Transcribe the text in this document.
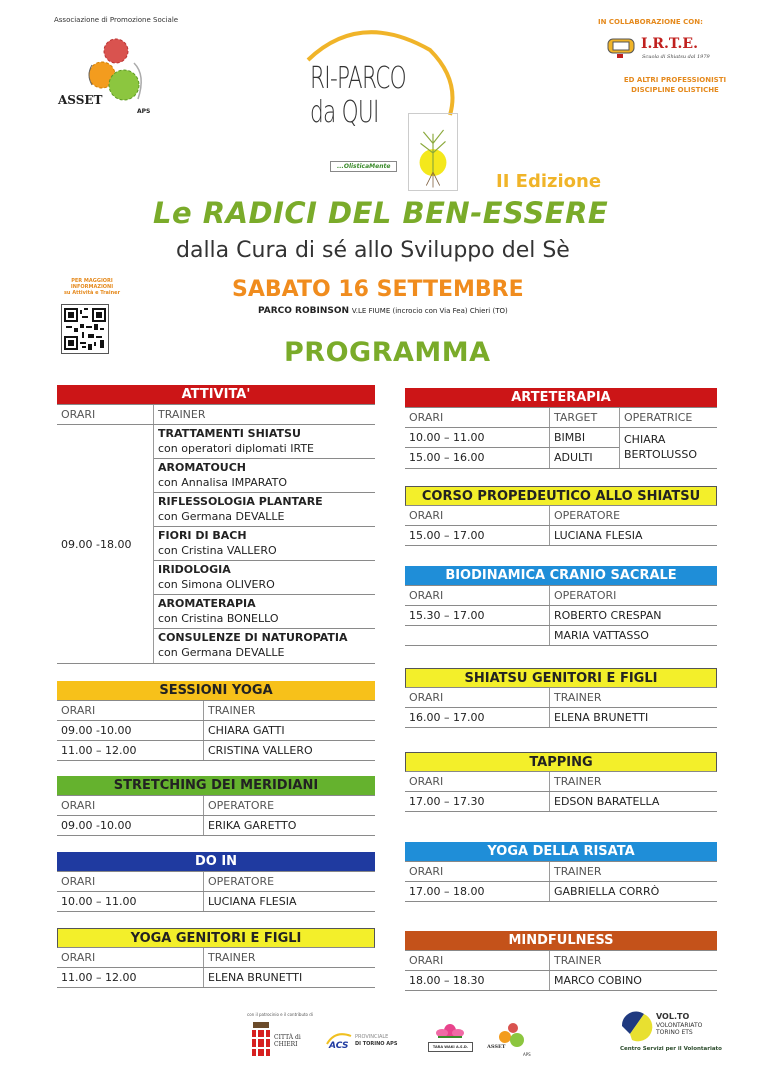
Associazione di Promozione Sociale
ASSET
APS
RI-PARCO
da QUI
...OlisticaMente
IN COLLABORAZIONE CON:
I.R.T.E.
Scuola di Shiatsu dal 1979
ED ALTRI PROFESSIONISTI
DISCIPLINE OLISTICHE
II Edizione
Le RADICI DEL BEN-ESSERE
dalla Cura di sé allo Sviluppo del Sè
PER MAGGIORI
INFORMAZIONI
su Attività e Trainer	SABATO 16 SETTEMBRE
PARCO ROBINSON V.LE FIUME (incrocio con Via Fea) Chieri (TO)
PROGRAMMA
ATTIVITA'
ORARI	TRAINER
09.00 -18.00
TRATTAMENTI SHIATSU
con operatori diplomati IRTE
AROMATOUCH
con Annalisa IMPARATO
RIFLESSOLOGIA PLANTARE
con Germana DEVALLE
FIORI DI BACH
con Cristina VALLERO
IRIDOLOGIA
con Simona OLIVERO
AROMATERAPIA
con Cristina BONELLO
CONSULENZE DI NATUROPATIA
con Germana DEVALLE
SESSIONI YOGA
ORARI	TRAINER
09.00 -10.00	CHIARA GATTI
11.00 – 12.00	CRISTINA VALLERO
STRETCHING DEI MERIDIANI
ORARI	OPERATORE
09.00 -10.00	ERIKA GARETTO
DO IN
ORARI	OPERATORE
10.00 – 11.00	LUCIANA FLESIA
YOGA GENITORI E FIGLI
ORARI	TRAINER
11.00 – 12.00	ELENA BRUNETTI
ARTETERAPIA
ORARI	TARGET	OPERATRICE
10.00 – 11.00	BIMBI
15.00 – 16.00	ADULTI
CHIARA
BERTOLUSSO
CORSO PROPEDEUTICO ALLO SHIATSU
ORARI	OPERATORE
15.00 – 17.00	LUCIANA FLESIA
BIODINAMICA CRANIO SACRALE
ORARI	OPERATORI
15.30 – 17.00	ROBERTO CRESPAN
MARIA VATTASSO
SHIATSU GENITORI E FIGLI
ORARI	TRAINER
16.00 – 17.00	ELENA BRUNETTI
TAPPING
ORARI	TRAINER
17.00 – 17.30	EDSON BARATELLA
YOGA DELLA RISATA
ORARI	TRAINER
17.00 – 18.00	GABRIELLA CORRÒ
MINDFULNESS
ORARI	TRAINER
18.00 – 18.30	MARCO COBINO
con il patrocinio e il contributo di
CITTÀ di CHIERI	ACS
PROVINCIALE
DI TORINO APS	TARA WAKI A.S.D.	ASSET
APS
VOL.TO
VOLONTARIATO
TORINO ETS
Centro Servizi per il Volontariato
